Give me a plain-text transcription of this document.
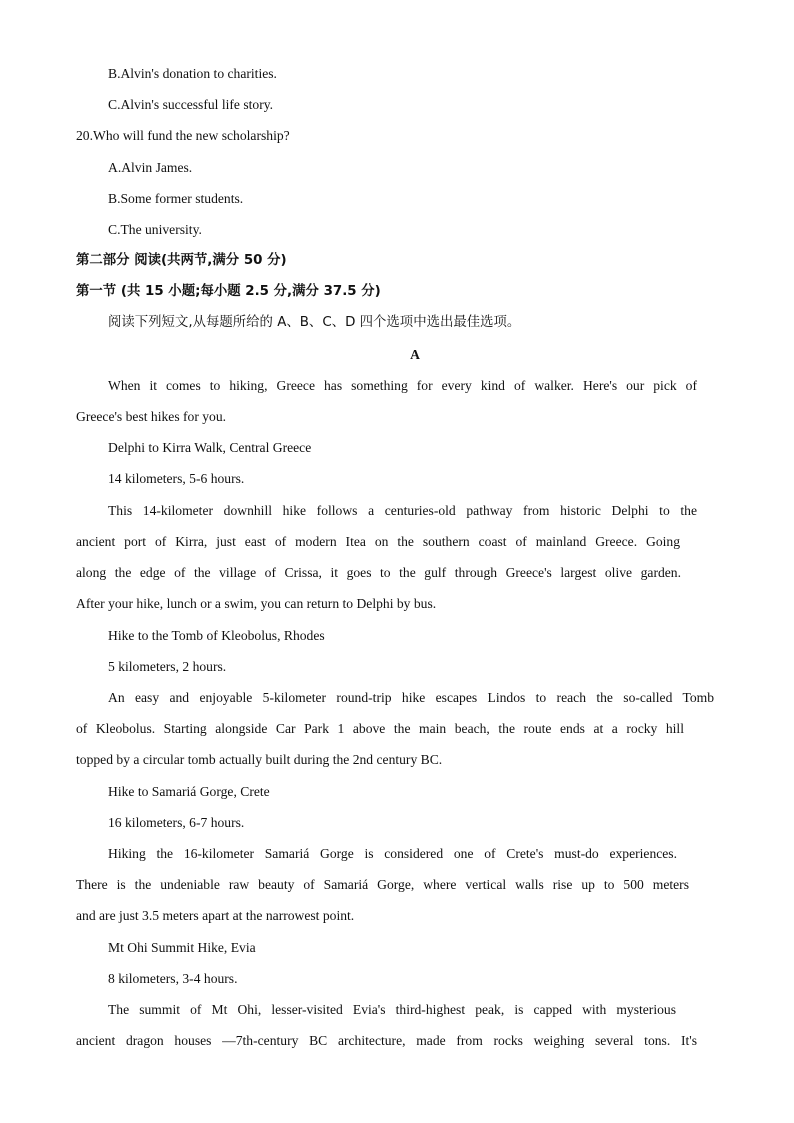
B.Alvin's donation to charities.
C.Alvin's successful life story.
20.Who will fund the new scholarship?
A.Alvin James.
B.Some former students.
C.The university.
第二部分 阅读(共两节,满分 50 分)
第一节 (共 15 小题;每小题 2.5 分,满分 37.5 分)
阅读下列短文,从每题所给的 A、B、C、D 四个选项中选出最佳选项。
A
When it comes to hiking, Greece has something for every kind of walker. Here's our pick of
Greece's best hikes for you.
Delphi to Kirra Walk, Central Greece
14 kilometers, 5-6 hours.
This 14-kilometer downhill hike follows a centuries-old pathway from historic Delphi to the
ancient port of Kirra, just east of modern Itea on the southern coast of mainland Greece. Going
along the edge of the village of Crissa, it goes to the gulf through Greece's largest olive garden.
After your hike, lunch or a swim, you can return to Delphi by bus.
Hike to the Tomb of Kleobolus, Rhodes
5 kilometers, 2 hours.
An easy and enjoyable 5-kilometer round-trip hike escapes Lindos to reach the so-called Tomb
of Kleobolus. Starting alongside Car Park 1 above the main beach, the route ends at a rocky hill
topped by a circular tomb actually built during the 2nd century BC.
Hike to Samariá Gorge, Crete
16 kilometers, 6-7 hours.
Hiking the 16-kilometer Samariá Gorge is considered one of Crete's must-do experiences.
There is the undeniable raw beauty of Samariá Gorge, where vertical walls rise up to 500 meters
and are just 3.5 meters apart at the narrowest point.
Mt Ohi Summit Hike, Evia
8 kilometers, 3-4 hours.
The summit of Mt Ohi, lesser-visited Evia's third-highest peak, is capped with mysterious
ancient dragon houses —7th-century BC architecture, made from rocks weighing several tons. It's
